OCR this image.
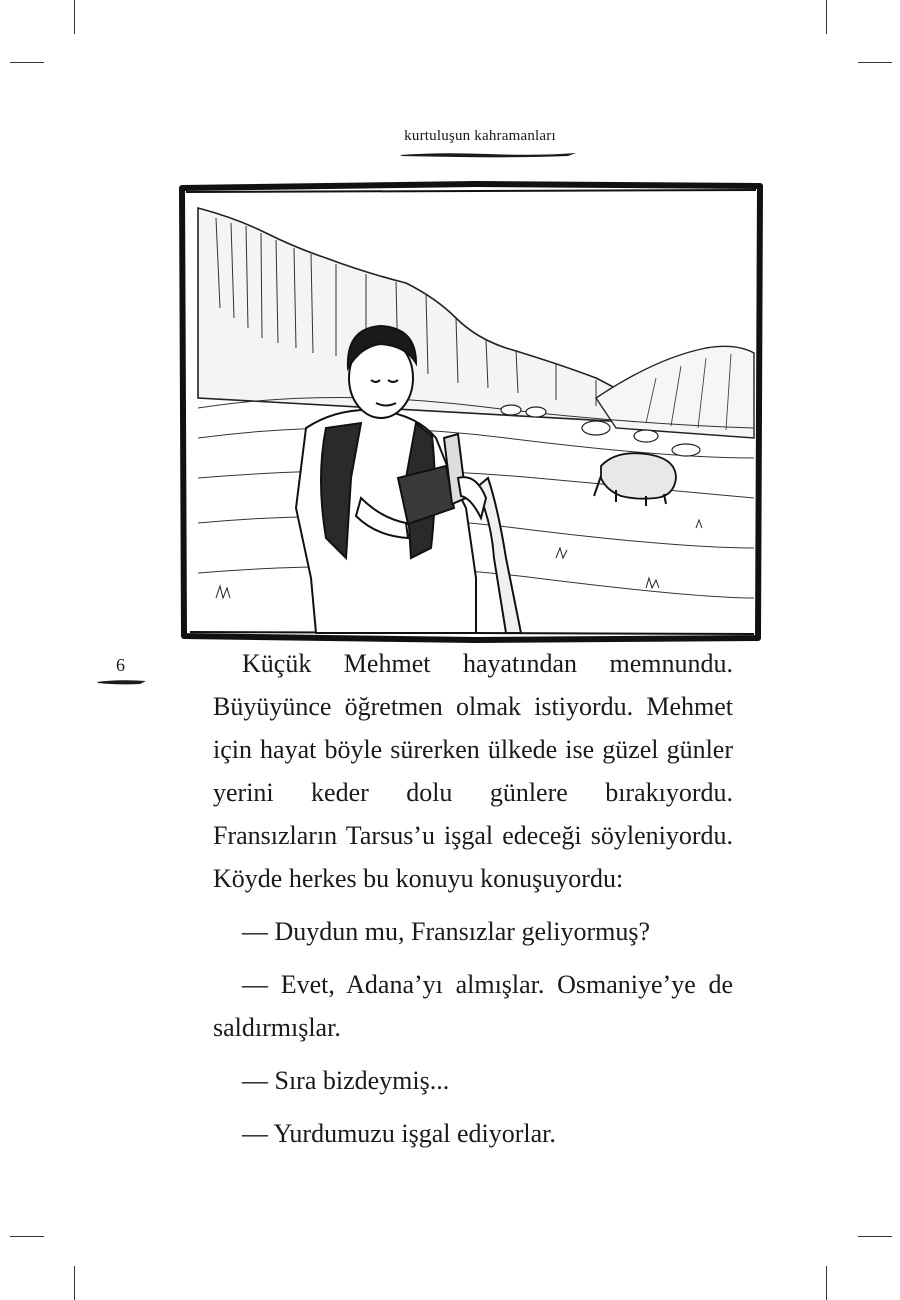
kurtuluşun kahramanları
6	Küçük Mehmet hayatından memnundu. Büyüyünce öğretmen olmak istiyordu. Mehmet için hayat böyle sürerken ülkede ise güzel günler yerini keder dolu günlere bırakıyordu. Fransızların Tarsus’u işgal edeceği söyleniyordu. Köyde herkes bu konuyu konuşuyordu:

— Duydun mu, Fransızlar geliyormuş?

— Evet, Adana’yı almışlar. Osmaniye’ye de saldırmışlar.

— Sıra bizdeymiş...

— Yurdumuzu işgal ediyorlar.
